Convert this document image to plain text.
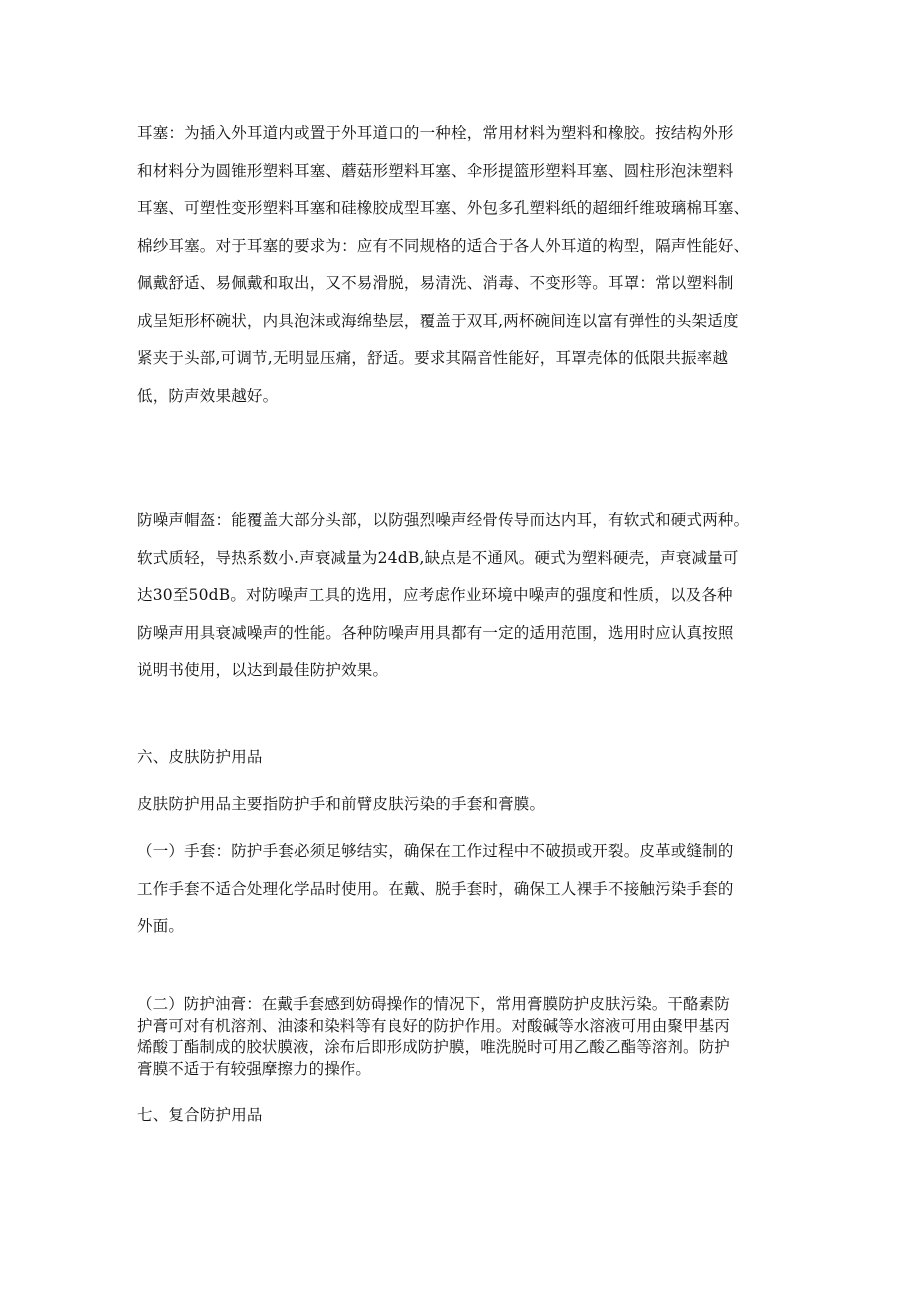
耳塞：为插入外耳道内或置于外耳道口的一种栓，常用材料为塑料和橡胶。按结构外形
和材料分为圆锥形塑料耳塞、蘑菇形塑料耳塞、伞形提篮形塑料耳塞、圆柱形泡沫塑料
耳塞、可塑性变形塑料耳塞和硅橡胶成型耳塞、外包多孔塑料纸的超细纤维玻璃棉耳塞、
棉纱耳塞。对于耳塞的要求为：应有不同规格的适合于各人外耳道的构型，隔声性能好、
佩戴舒适、易佩戴和取出，又不易滑脱，易清洗、消毒、不变形等。耳罩：常以塑料制
成呈矩形杯碗状，内具泡沫或海绵垫层，覆盖于双耳,两杯碗间连以富有弹性的头架适度
紧夹于头部,可调节,无明显压痛，舒适。要求其隔音性能好，耳罩壳体的低限共振率越
低，防声效果越好。

防噪声帽盔：能覆盖大部分头部，以防强烈噪声经骨传导而达内耳，有软式和硬式两种。
软式质轻，导热系数小.声衰减量为24dB,缺点是不通风。硬式为塑料硬壳，声衰减量可
达30至50dB。对防噪声工具的选用，应考虑作业环境中噪声的强度和性质，以及各种
防噪声用具衰减噪声的性能。各种防噪声用具都有一定的适用范围，选用时应认真按照
说明书使用，以达到最佳防护效果。

六、皮肤防护用品

皮肤防护用品主要指防护手和前臂皮肤污染的手套和膏膜。

（一）手套：防护手套必须足够结实，确保在工作过程中不破损或开裂。皮革或缝制的
工作手套不适合处理化学品时使用。在戴、脱手套时，确保工人裸手不接触污染手套的
外面。

（二）防护油膏：在戴手套感到妨碍操作的情况下，常用膏膜防护皮肤污染。干酪素防
护膏可对有机溶剂、油漆和染料等有良好的防护作用。对酸碱等水溶液可用由聚甲基丙
烯酸丁酯制成的胶状膜液，涂布后即形成防护膜，唯洗脱时可用乙酸乙酯等溶剂。防护
膏膜不适于有较强摩擦力的操作。

七、复合防护用品
